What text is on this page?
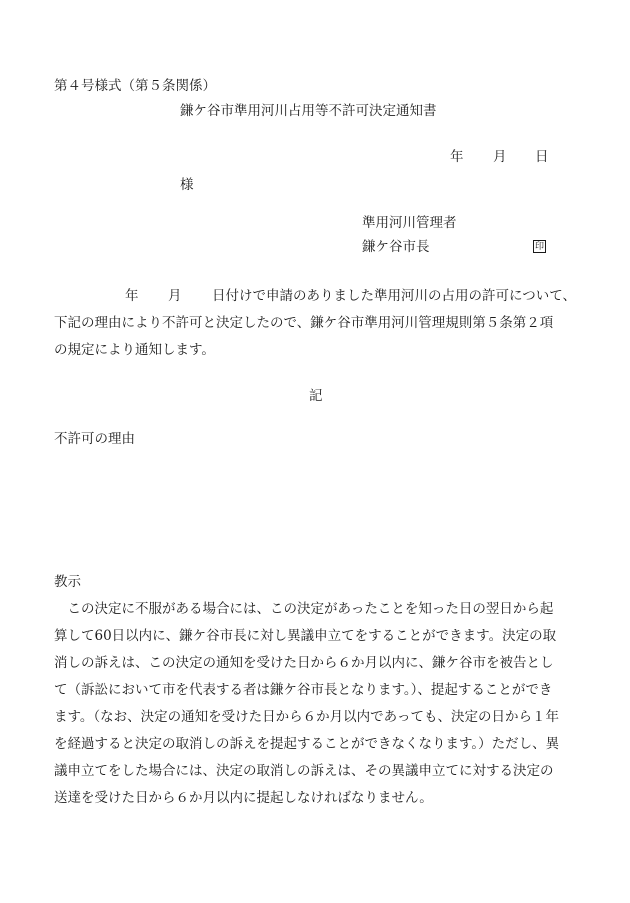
第４号様式（第５条関係）
鎌ケ谷市準用河川占用等不許可決定通知書
年 月 日
様
準用河川管理者
鎌ケ谷市長	印
年 月 日付けで申請のありました準用河川の占用の許可について、
下記の理由により不許可と決定したので、鎌ケ谷市準用河川管理規則第５条第２項
の規定により通知します。
記
不許可の理由
教示
　この決定に不服がある場合には、この決定があったことを知った日の翌日から起
算して60日以内に、鎌ケ谷市長に対し異議申立てをすることができます。決定の取
消しの訴えは、この決定の通知を受けた日から６か月以内に、鎌ケ谷市を被告とし
て（訴訟において市を代表する者は鎌ケ谷市長となります。）、提起することができ
ます。（なお、決定の通知を受けた日から６か月以内であっても、決定の日から１年
を経過すると決定の取消しの訴えを提起することができなくなります。）ただし、異
議申立てをした場合には、決定の取消しの訴えは、その異議申立てに対する決定の
送達を受けた日から６か月以内に提起しなければなりません。
